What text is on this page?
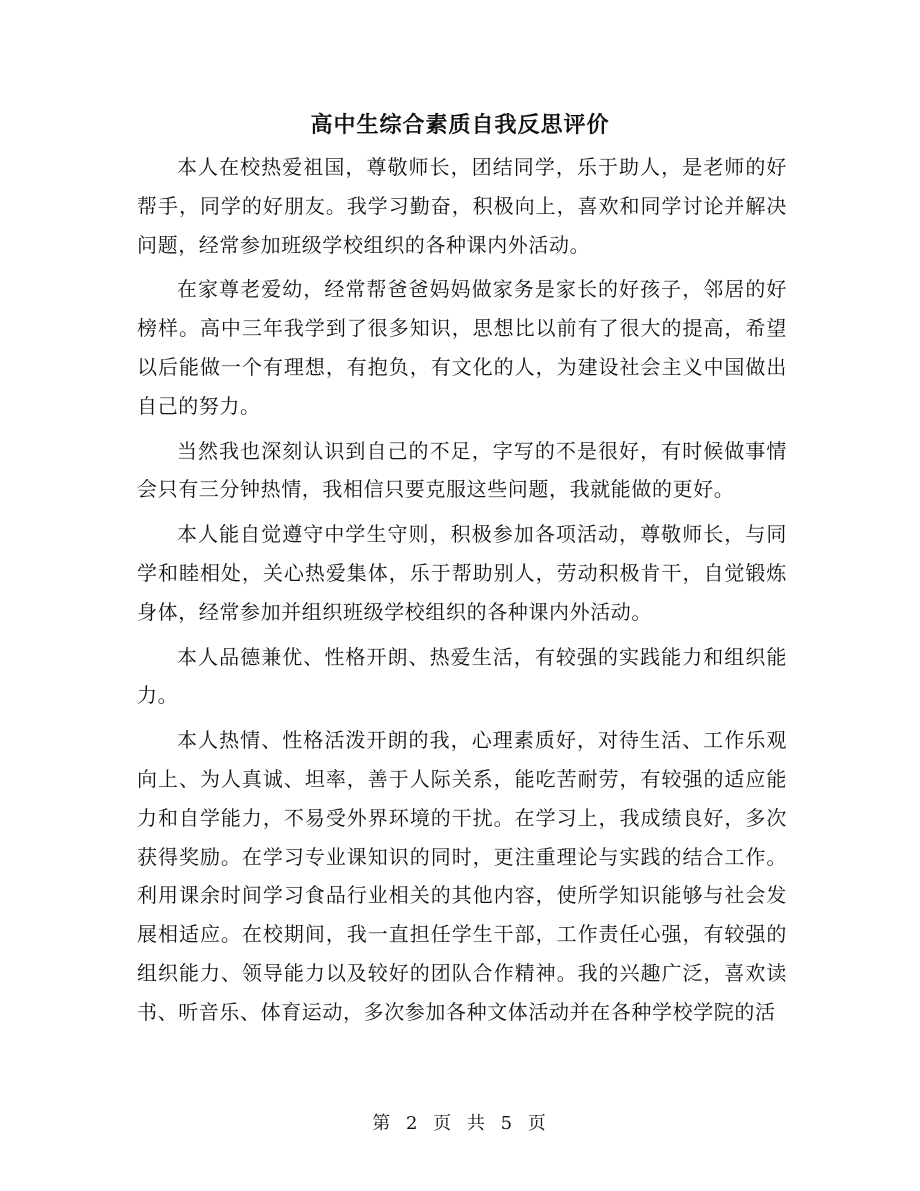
高中生综合素质自我反思评价

本人在校热爱祖国，尊敬师长，团结同学，乐于助人，是老师的好帮手，同学的好朋友。我学习勤奋，积极向上，喜欢和同学讨论并解决问题，经常参加班级学校组织的各种课内外活动。

在家尊老爱幼，经常帮爸爸妈妈做家务是家长的好孩子，邻居的好榜样。高中三年我学到了很多知识，思想比以前有了很大的提高，希望以后能做一个有理想，有抱负，有文化的人，为建设社会主义中国做出自己的努力。

当然我也深刻认识到自己的不足，字写的不是很好，有时候做事情会只有三分钟热情，我相信只要克服这些问题，我就能做的更好。

本人能自觉遵守中学生守则，积极参加各项活动，尊敬师长，与同学和睦相处，关心热爱集体，乐于帮助别人，劳动积极肯干，自觉锻炼身体，经常参加并组织班级学校组织的各种课内外活动。

本人品德兼优、性格开朗、热爱生活，有较强的实践能力和组织能力。

本人热情、性格活泼开朗的我，心理素质好，对待生活、工作乐观向上、为人真诚、坦率，善于人际关系，能吃苦耐劳，有较强的适应能力和自学能力，不易受外界环境的干扰。在学习上，我成绩良好，多次获得奖励。在学习专业课知识的同时，更注重理论与实践的结合工作。利用课余时间学习食品行业相关的其他内容，使所学知识能够与社会发展相适应。在校期间，我一直担任学生干部，工作责任心强，有较强的组织能力、领导能力以及较好的团队合作精神。我的兴趣广泛，喜欢读书、听音乐、体育运动，多次参加各种文体活动并在各种学校学院的活

第 2 页 共 5 页
